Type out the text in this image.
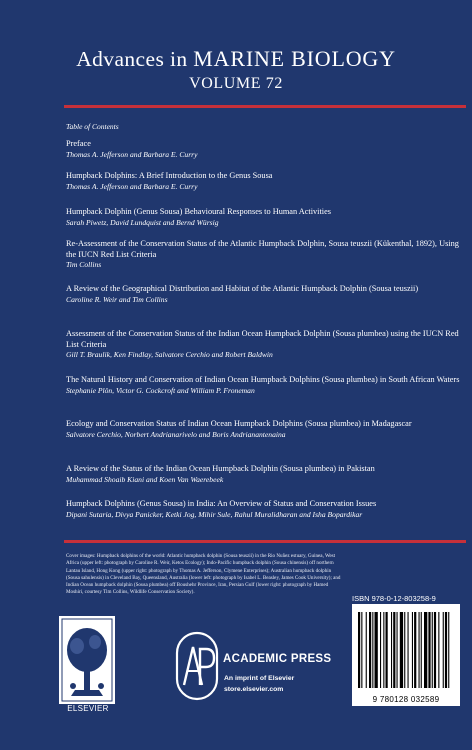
Advances in MARINE BIOLOGY
VOLUME 72
Table of Contents
Preface
Thomas A. Jefferson and Barbara E. Curry
Humpback Dolphins: A Brief Introduction to the Genus Sousa
Thomas A. Jefferson and Barbara E. Curry
Humpback Dolphin (Genus Sousa) Behavioural Responses to Human Activities
Sarah Piwetz, David Lundquist and Bernd Würsig
Re-Assessment of the Conservation Status of the Atlantic Humpback Dolphin, Sousa teuszii (Kükenthal, 1892), Using the IUCN Red List Criteria
Tim Collins
A Review of the Geographical Distribution and Habitat of the Atlantic Humpback Dolphin (Sousa teuszii)
Caroline R. Weir and Tim Collins
Assessment of the Conservation Status of the Indian Ocean Humpback Dolphin (Sousa plumbea) using the IUCN Red List Criteria
Gill T. Braulik, Ken Findlay, Salvatore Cerchio and Robert Baldwin
The Natural History and Conservation of Indian Ocean Humpback Dolphins (Sousa plumbea) in South African Waters
Stephanie Plön, Victor G. Cockcroft and William P. Froneman
Ecology and Conservation Status of Indian Ocean Humpback Dolphins (Sousa plumbea) in Madagascar
Salvatore Cerchio, Norbert Andrianarivelo and Boris Andrianantenaina
A Review of the Status of the Indian Ocean Humpback Dolphin (Sousa plumbea) in Pakistan
Muhammad Shoaib Kiani and Koen Van Waerebeek
Humpback Dolphins (Genus Sousa) in India: An Overview of Status and Conservation Issues
Dipani Sutaria, Divya Panicker, Ketki Jog, Mihir Sule, Rahul Muralidharan and Isha Bopardikar
Cover images: Humpback dolphins of the world: Atlantic humpback dolphin (Sousa teuszii) in the Rio Nuñez estuary, Guinea, West Africa (upper left: photograph by Caroline R. Weir, Ketos Ecology); Indo-Pacific humpback dolphin (Sousa chinensis) off northern Lantau Island, Hong Kong (upper right: photograph by Thomas A. Jefferson, Clymene Enterprises); Australian humpback dolphin (Sousa sahulensis) in Cleveland Bay, Queensland, Australia (lower left: photograph by Isabel L. Beasley, James Cook University); and Indian Ocean humpback dolphin (Sousa plumbea) off Boushehr Province, Iran, Persian Gulf (lower right: photograph by Hamed Moshiri, courtesy Tim Collins, Wildlife Conservation Society).
ELSEVIER
ACADEMIC PRESS
An imprint of Elsevier
store.elsevier.com
ISBN 978-0-12-803258-9
9 780128 032589
